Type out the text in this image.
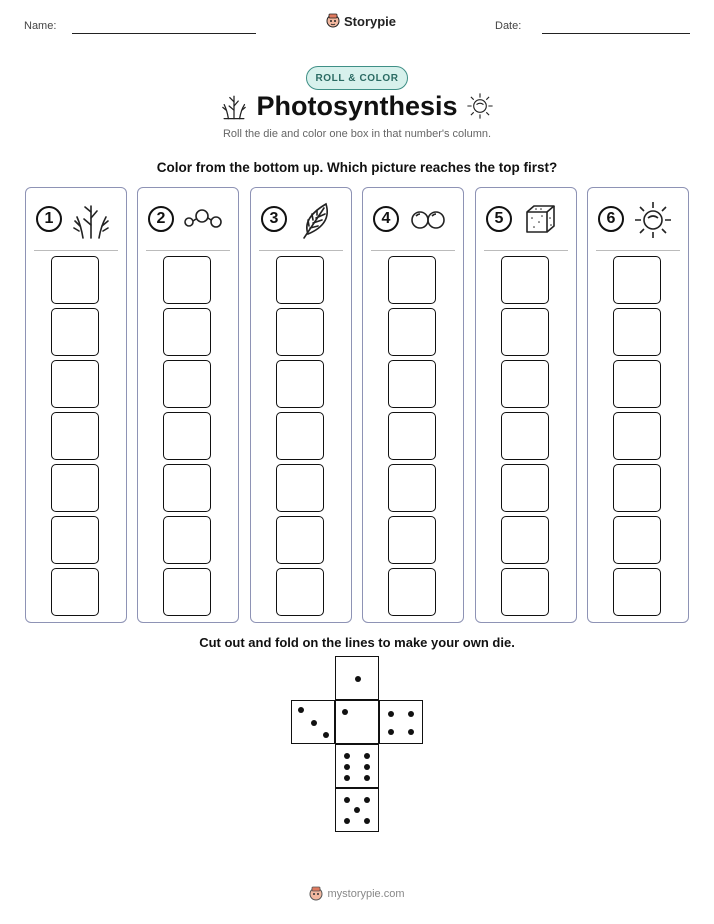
Name:	Storypie	Date:
ROLL & COLOR
Photosynthesis
Roll the die and color one box in that number's column.
Color from the bottom up. Which picture reaches the top first?
1	2	3	4	5	6
Cut out and fold on the lines to make your own die.
mystorypie.com
